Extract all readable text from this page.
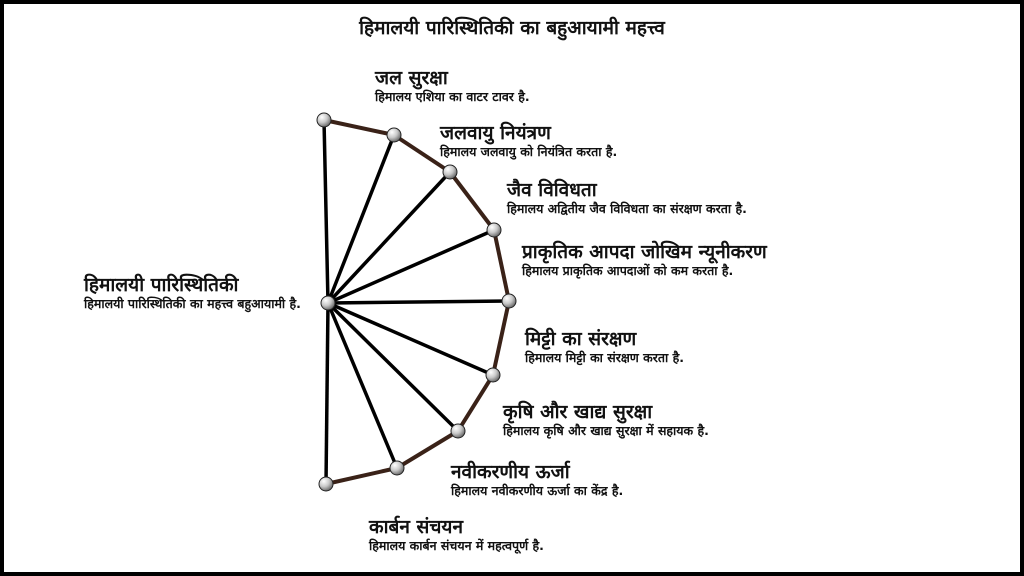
हिमालयी पारिस्थितिकी का बहुआयामी महत्त्व
हिमालयी पारिस्थितिकी
हिमालयी पारिस्थितिकी का महत्त्व बहुआयामी है.
जल सुरक्षा
हिमालय एशिया का वाटर टावर है.
जलवायु नियंत्रण
हिमालय जलवायु को नियंत्रित करता है.
जैव विविधता
हिमालय अद्वितीय जैव विविधता का संरक्षण करता है.
प्राकृतिक आपदा जोखिम न्यूनीकरण
हिमालय प्राकृतिक आपदाओं को कम करता है.
मिट्टी का संरक्षण
हिमालय मिट्टी का संरक्षण करता है.
कृषि और खाद्य सुरक्षा
हिमालय कृषि और खाद्य सुरक्षा में सहायक है.
नवीकरणीय ऊर्जा
हिमालय नवीकरणीय ऊर्जा का केंद्र है.
कार्बन संचयन
हिमालय कार्बन संचयन में महत्वपूर्ण है.
